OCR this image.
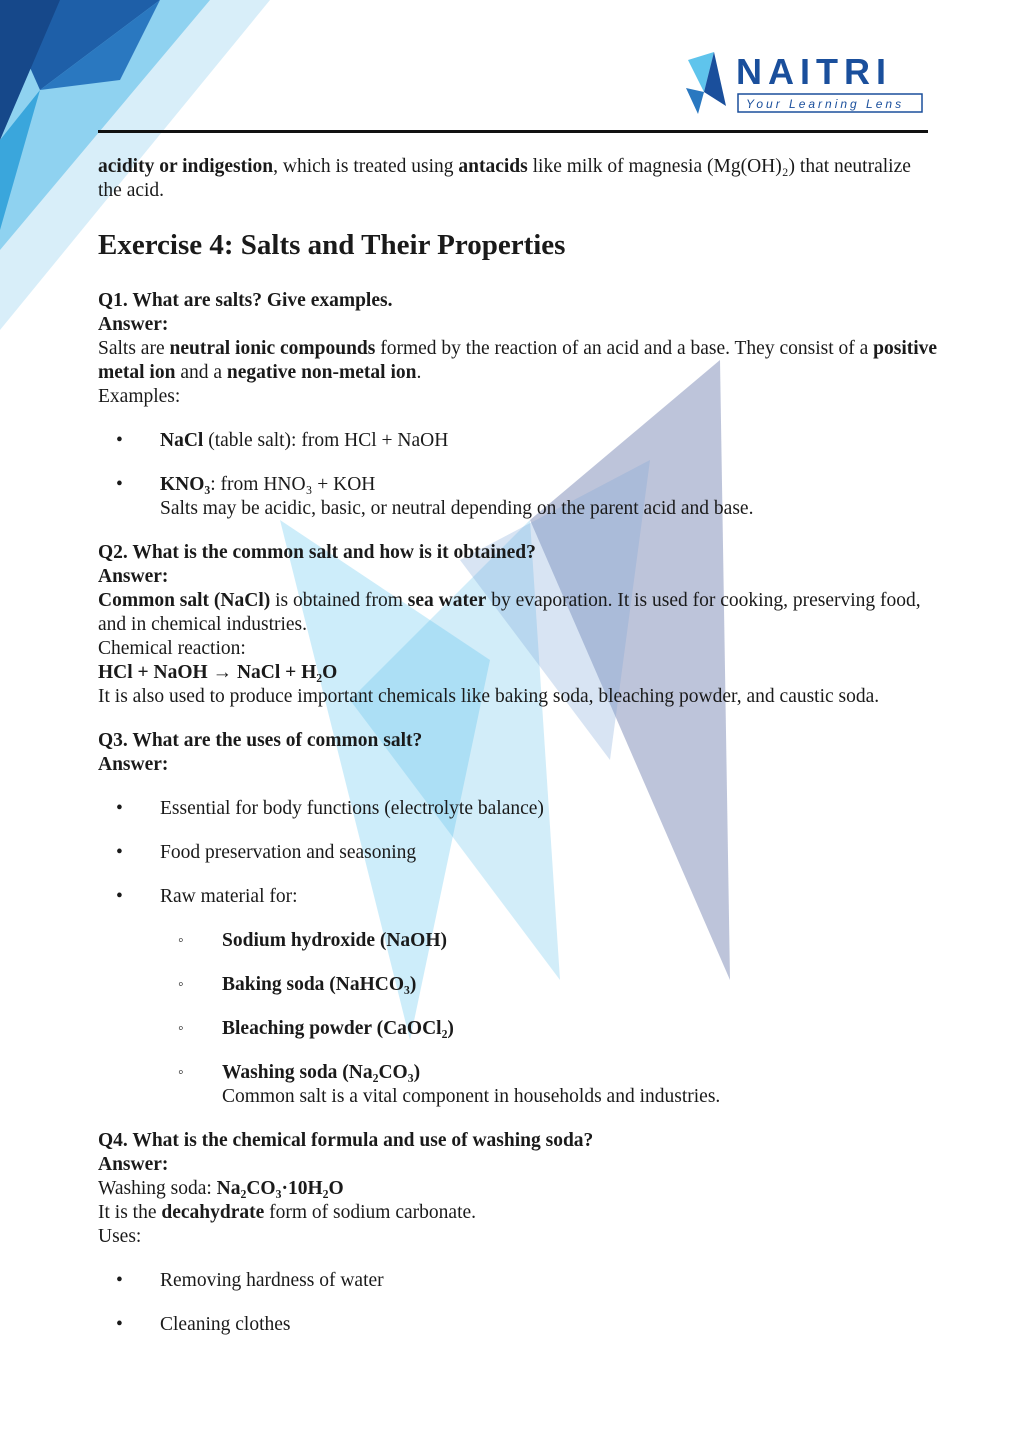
NAITRI
Your Learning Lens

acidity or indigestion, which is treated using antacids like milk of magnesia (Mg(OH)₂) that neutralize the acid.

Exercise 4: Salts and Their Properties

Q1. What are salts? Give examples.

Answer:

Salts are neutral ionic compounds formed by the reaction of an acid and a base. They consist of a positive metal ion and a negative non-metal ion.

Examples:

• NaCl (table salt): from HCl + NaOH
• KNO₃: from HNO₃ + KOH
Salts may be acidic, basic, or neutral depending on the parent acid and base.

Q2. What is the common salt and how is it obtained?

Answer:

Common salt (NaCl) is obtained from sea water by evaporation. It is used for cooking, preserving food, and in chemical industries.

Chemical reaction:

HCl + NaOH → NaCl + H₂O

It is also used to produce important chemicals like baking soda, bleaching powder, and caustic soda.

Q3. What are the uses of common salt?

Answer:

• Essential for body functions (electrolyte balance)
• Food preservation and seasoning
• Raw material for:
◦ Sodium hydroxide (NaOH)
◦ Baking soda (NaHCO₃)
◦ Bleaching powder (CaOCl₂)
◦ Washing soda (Na₂CO₃)
Common salt is a vital component in households and industries.

Q4. What is the chemical formula and use of washing soda?

Answer:

Washing soda: Na₂CO₃·10H₂O

It is the decahydrate form of sodium carbonate.

Uses:

• Removing hardness of water
• Cleaning clothes
